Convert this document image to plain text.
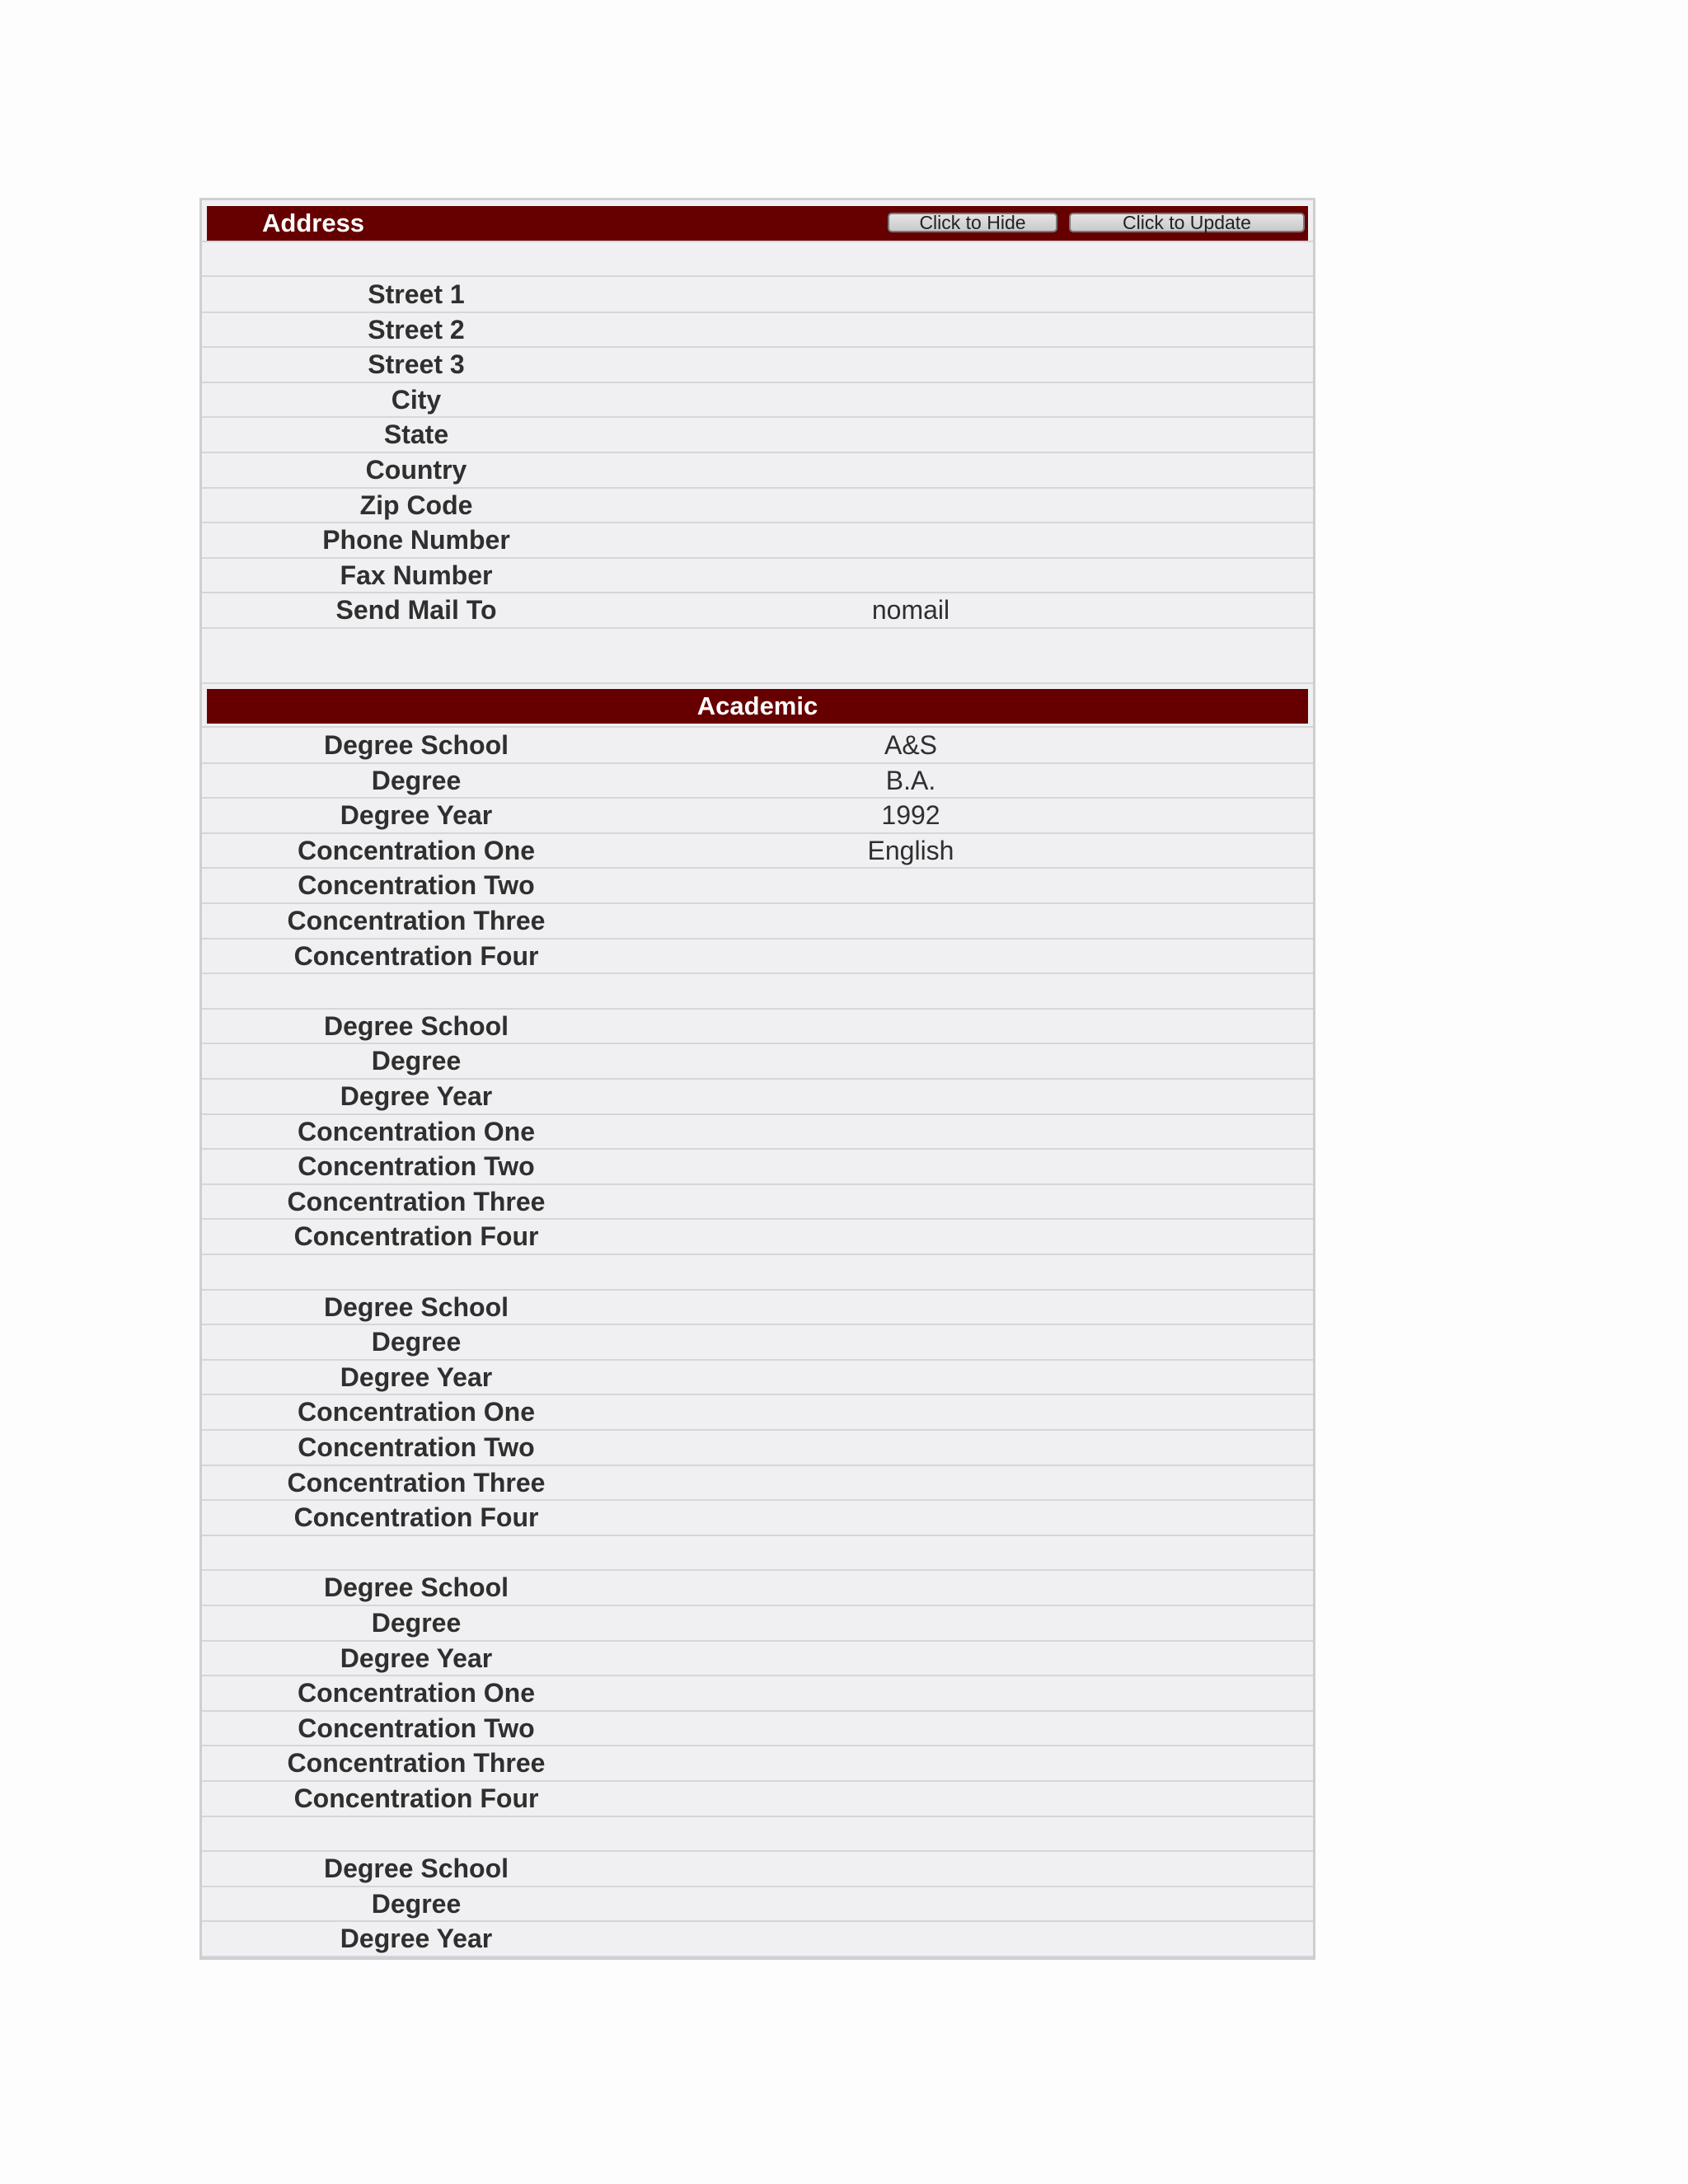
Address	Click to Hide	Click to Update
Street 1
Street 2
Street 3
City
State
Country
Zip Code
Phone Number
Fax Number
Send Mail To	nomail
Academic
Degree School	A&S
Degree	B.A.
Degree Year	1992
Concentration One	English
Concentration Two
Concentration Three
Concentration Four
Degree School
Degree
Degree Year
Concentration One
Concentration Two
Concentration Three
Concentration Four
Degree School
Degree
Degree Year
Concentration One
Concentration Two
Concentration Three
Concentration Four
Degree School
Degree
Degree Year
Concentration One
Concentration Two
Concentration Three
Concentration Four
Degree School
Degree
Degree Year
